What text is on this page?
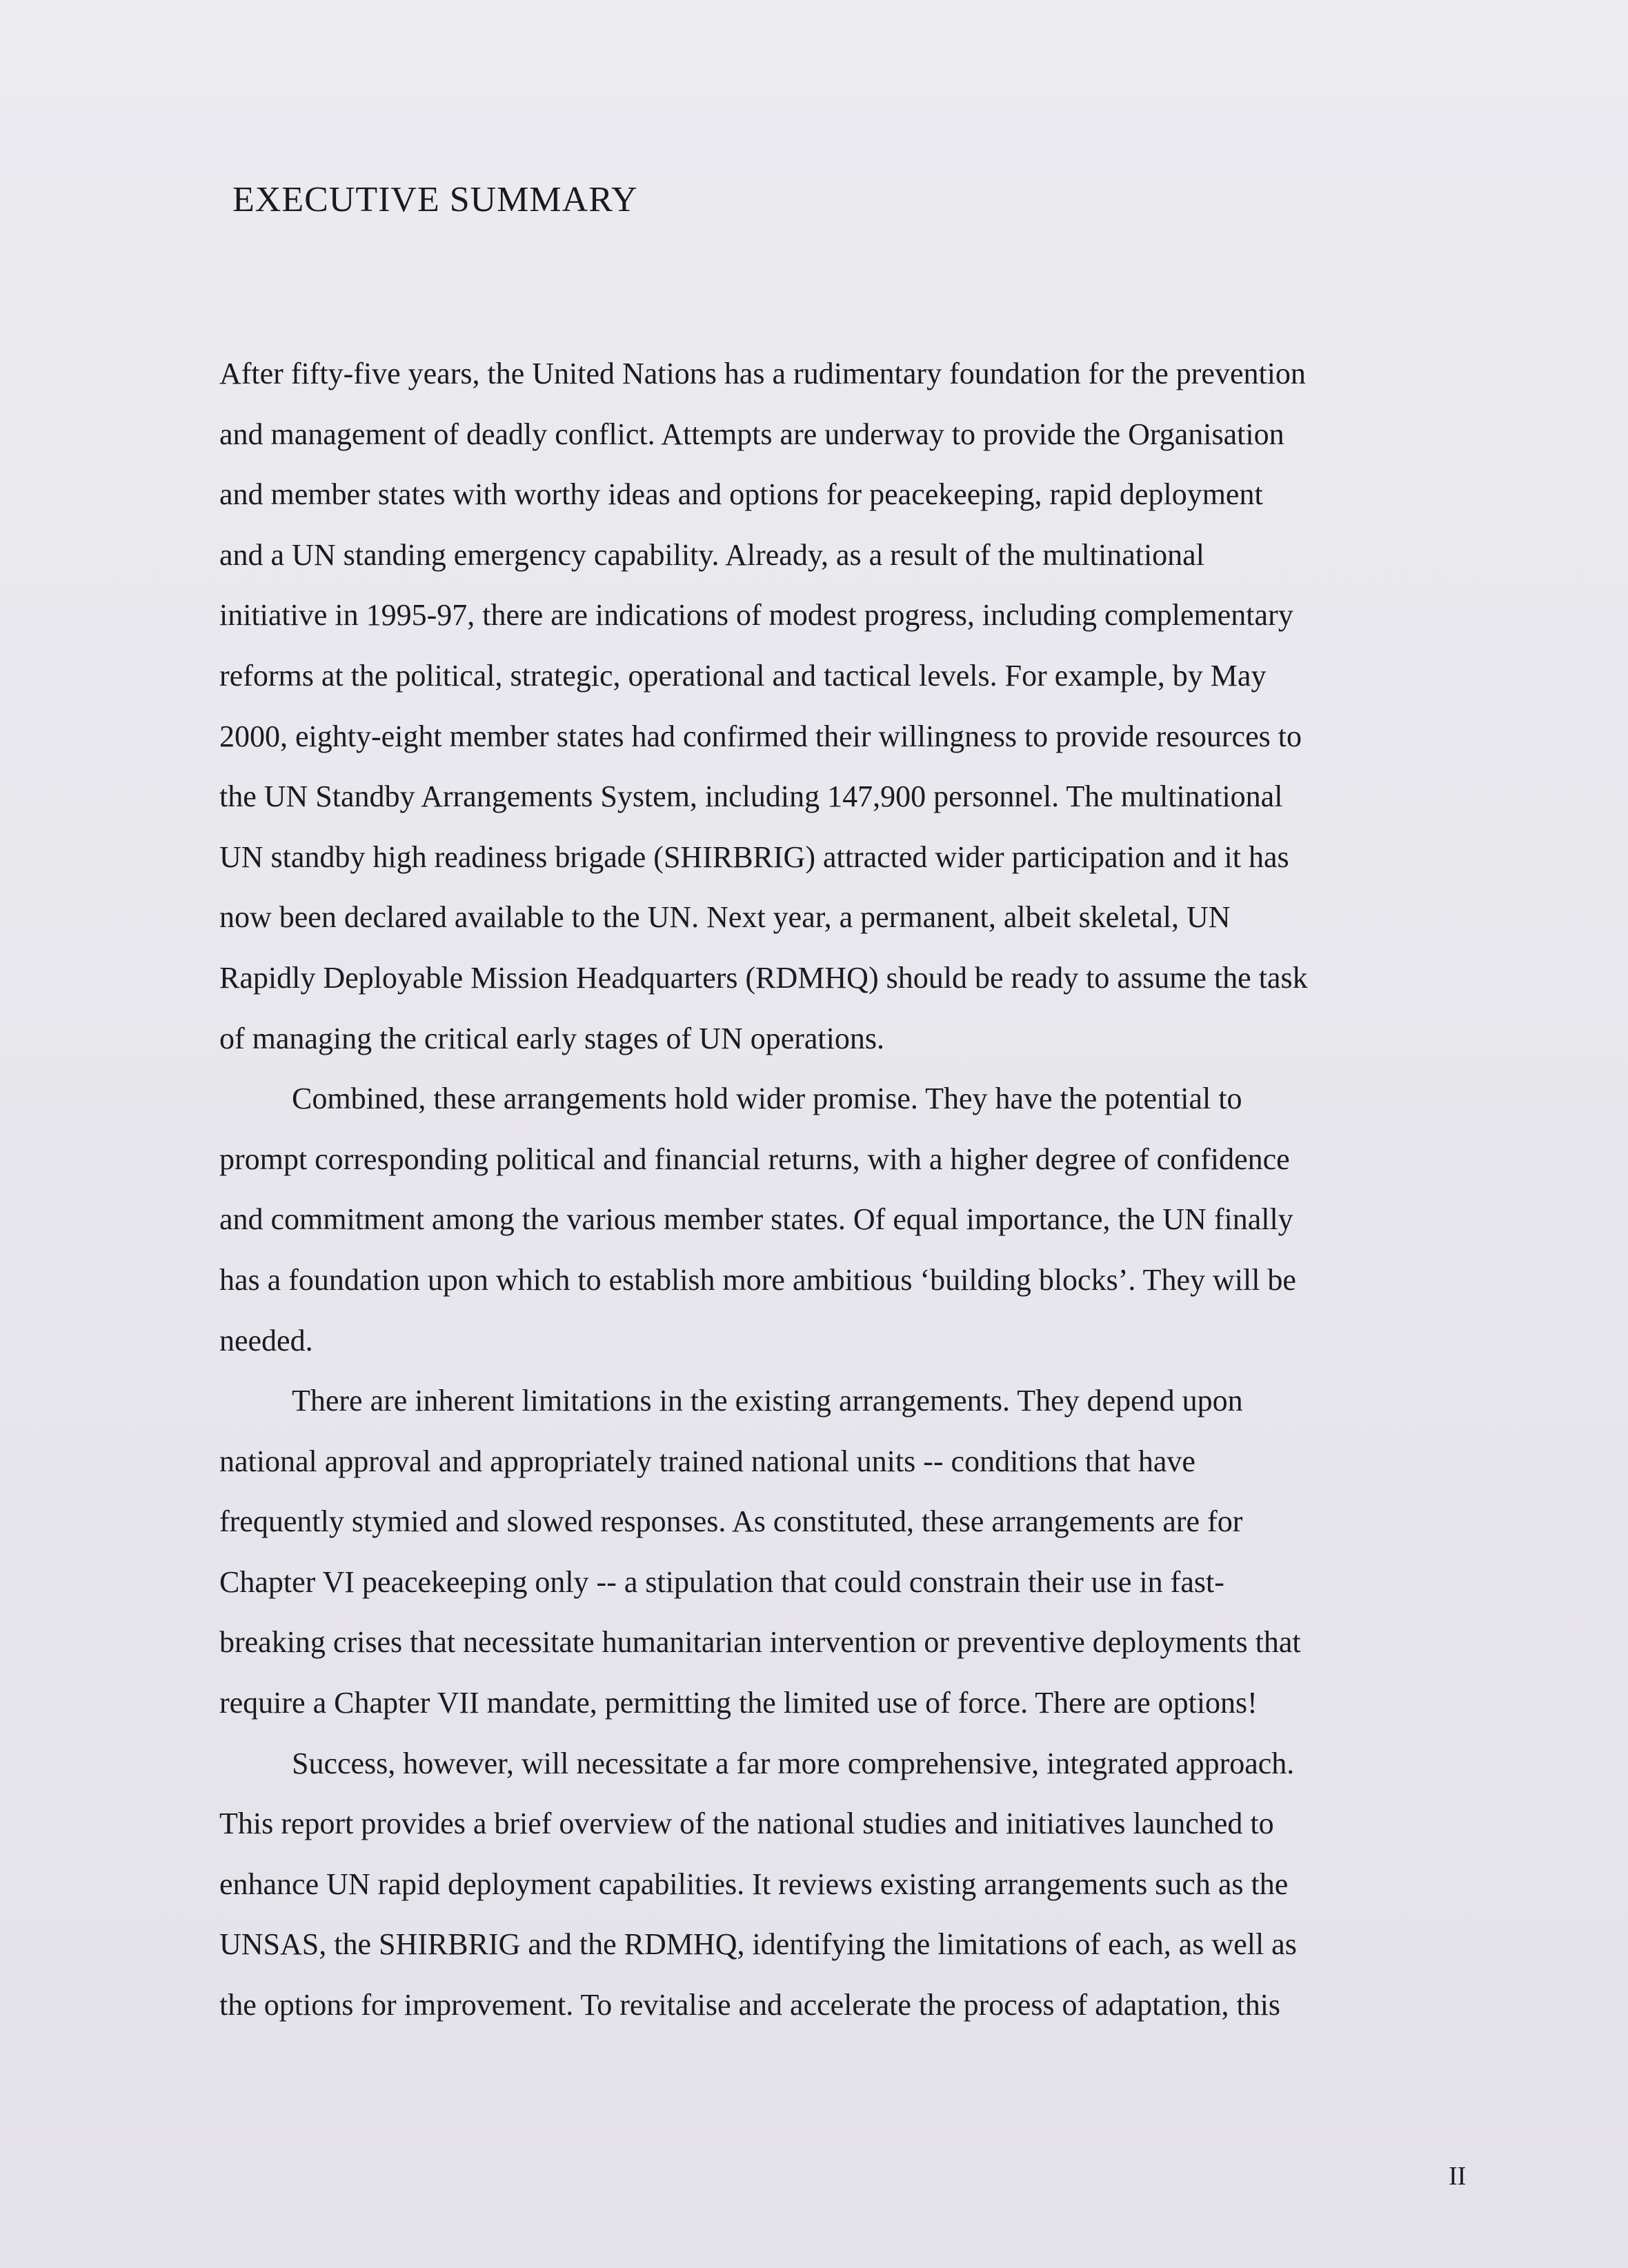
EXECUTIVE SUMMARY
After fifty-five years, the United Nations has a rudimentary foundation for the prevention
and management of deadly conflict. Attempts are underway to provide the Organisation
and member states with worthy ideas and options for peacekeeping, rapid deployment
and a UN standing emergency capability. Already, as a result of the multinational
initiative in 1995-97, there are indications of modest progress, including complementary
reforms at the political, strategic, operational and tactical levels. For example, by May
2000, eighty-eight member states had confirmed their willingness to provide resources to
the UN Standby Arrangements System, including 147,900 personnel. The multinational
UN standby high readiness brigade (SHIRBRIG) attracted wider participation and it has
now been declared available to the UN. Next year, a permanent, albeit skeletal, UN
Rapidly Deployable Mission Headquarters (RDMHQ) should be ready to assume the task
of managing the critical early stages of UN operations.
Combined, these arrangements hold wider promise. They have the potential to
prompt corresponding political and financial returns, with a higher degree of confidence
and commitment among the various member states. Of equal importance, the UN finally
has a foundation upon which to establish more ambitious ‘building blocks’. They will be
needed.
There are inherent limitations in the existing arrangements. They depend upon
national approval and appropriately trained national units -- conditions that have
frequently stymied and slowed responses. As constituted, these arrangements are for
Chapter VI peacekeeping only -- a stipulation that could constrain their use in fast-
breaking crises that necessitate humanitarian intervention or preventive deployments that
require a Chapter VII mandate, permitting the limited use of force. There are options!
Success, however, will necessitate a far more comprehensive, integrated approach.
This report provides a brief overview of the national studies and initiatives launched to
enhance UN rapid deployment capabilities. It reviews existing arrangements such as the
UNSAS, the SHIRBRIG and the RDMHQ, identifying the limitations of each, as well as
the options for improvement. To revitalise and accelerate the process of adaptation, this
II
